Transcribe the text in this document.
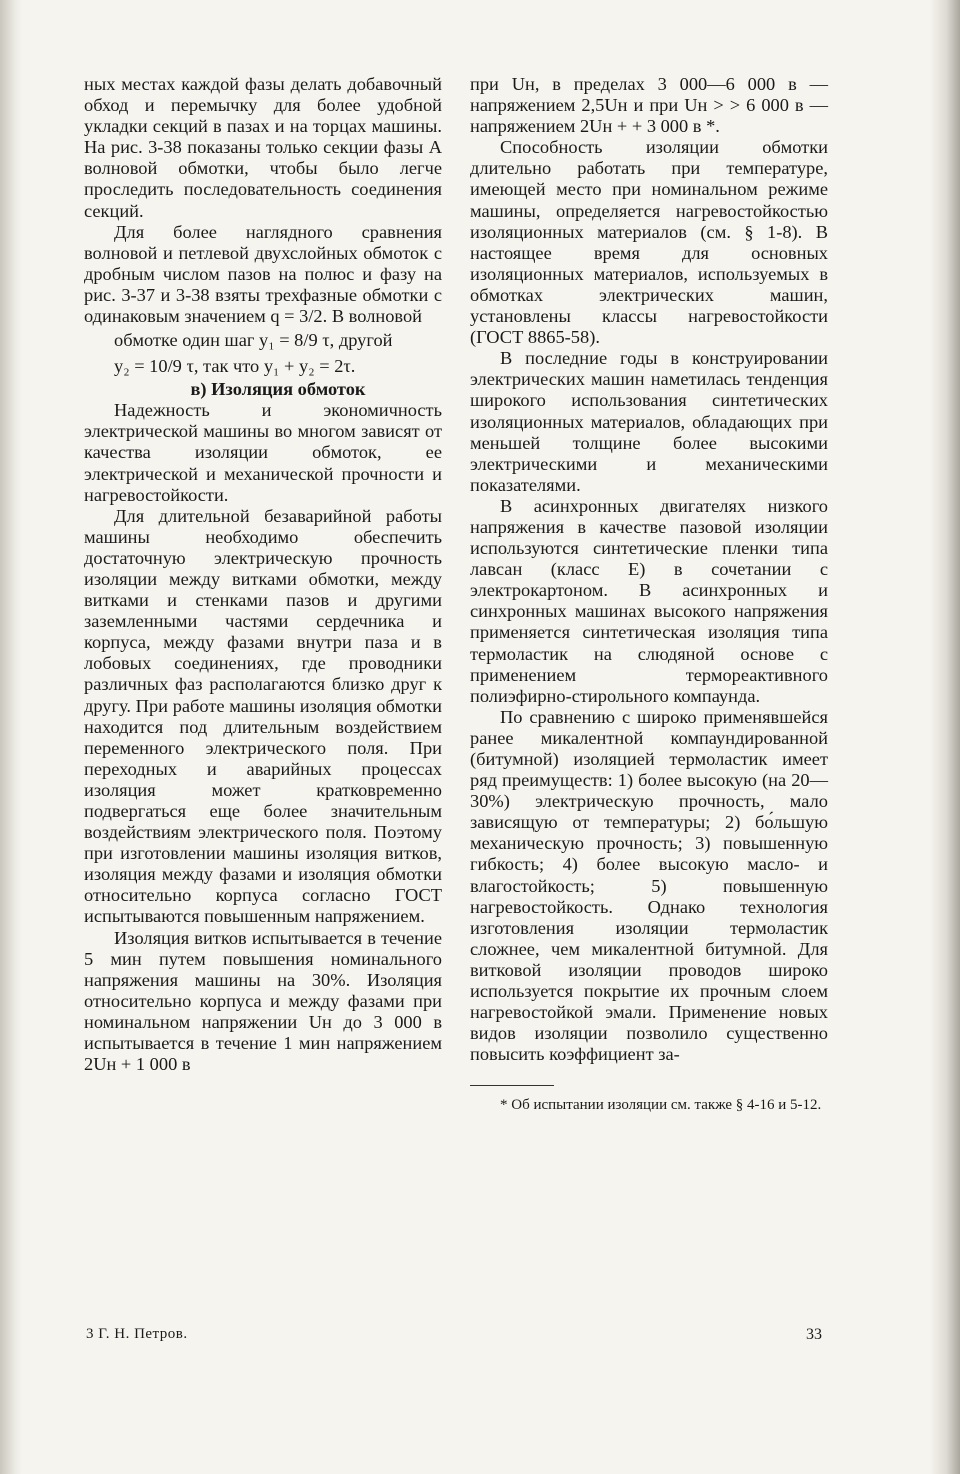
ных местах каждой фазы делать добавочный обход и перемычку для более удобной укладки секций в пазах и на торцах машины. На рис. 3-38 показаны только секции фазы A волновой обмотки, чтобы было легче проследить последовательность соединения секций.

Для более наглядного сравнения волновой и петлевой двухслойных обмоток с дробным числом пазов на полюс и фазу на рис. 3-37 и 3-38 взяты трехфазные обмотки с одинаковым значением q = 3/2. В волновой

обмотке один шаг y₁ = 8/9 τ, другой

y₂ = 10/9 τ, так что y₁ + y₂ = 2τ.

в) Изоляция обмоток

Надежность и экономичность электрической машины во многом зависят от качества изоляции обмоток, ее электрической и механической прочности и нагревостойкости.

Для длительной безаварийной работы машины необходимо обеспечить достаточную электрическую прочность изоляции между витками обмотки, между витками и стенками пазов и другими заземленными частями сердечника и корпуса, между фазами внутри паза и в лобовых соединениях, где проводники различных фаз располагаются близко друг к другу. При работе машины изоляция обмотки находится под длительным воздействием переменного электрического поля. При переходных и аварийных процессах изоляция может кратковременно подвергаться еще более значительным воздействиям электрического поля. Поэтому при изготовлении машины изоляция витков, изоляция между фазами и изоляция обмотки относительно корпуса согласно ГОСТ испытываются повышенным напряжением.

Изоляция витков испытывается в течение 5 мин путем повышения номинального напряжения машины на 30%. Изоляция относительно корпуса и между фазами при номинальном напряжении Uн до 3 000 в испытывается в течение 1 мин напряжением 2Uн + 1 000 в

при Uн, в пределах 3 000—6 000 в — напряжением 2,5Uн и при Uн > > 6 000 в — напряжением 2Uн + + 3 000 в *.

Способность изоляции обмотки длительно работать при температуре, имеющей место при номинальном режиме машины, определяется нагревостойкостью изоляционных материалов (см. § 1-8). В настоящее время для основных изоляционных материалов, используемых в обмотках электрических машин, установлены классы нагревостойкости (ГОСТ 8865-58).

В последние годы в конструировании электрических машин наметилась тенденция широкого использования синтетических изоляционных материалов, обладающих при меньшей толщине более высокими электрическими и механическими показателями.

В асинхронных двигателях низкого напряжения в качестве пазовой изоляции используются синтетические пленки типа лавсан (класс Е) в сочетании с электрокартоном. В асинхронных и синхронных машинах высокого напряжения применяется синтетическая изоляция типа термоластик на слюдяной основе с применением термореактивного полиэфирно-стирольного компаунда.

По сравнению с широко применявшейся ранее микалентной компаундированной (битумной) изоляцией термоластик имеет ряд преимуществ: 1) более высокую (на 20—30%) электрическую прочность, мало зависящую от температуры; 2) бо́льшую механическую прочность; 3) повышенную гибкость; 4) более высокую масло- и влагостойкость; 5) повышенную нагревостойкость. Однако технология изготовления изоляции термоластик сложнее, чем микалентной битумной. Для витковой изоляции проводов широко используется покрытие их прочным слоем нагревостойкой эмали. Применение новых видов изоляции позволило существенно повысить коэффициент за-

* Об испытании изоляции см. также § 4-16 и 5-12.

3 Г. Н. Петров.	33
